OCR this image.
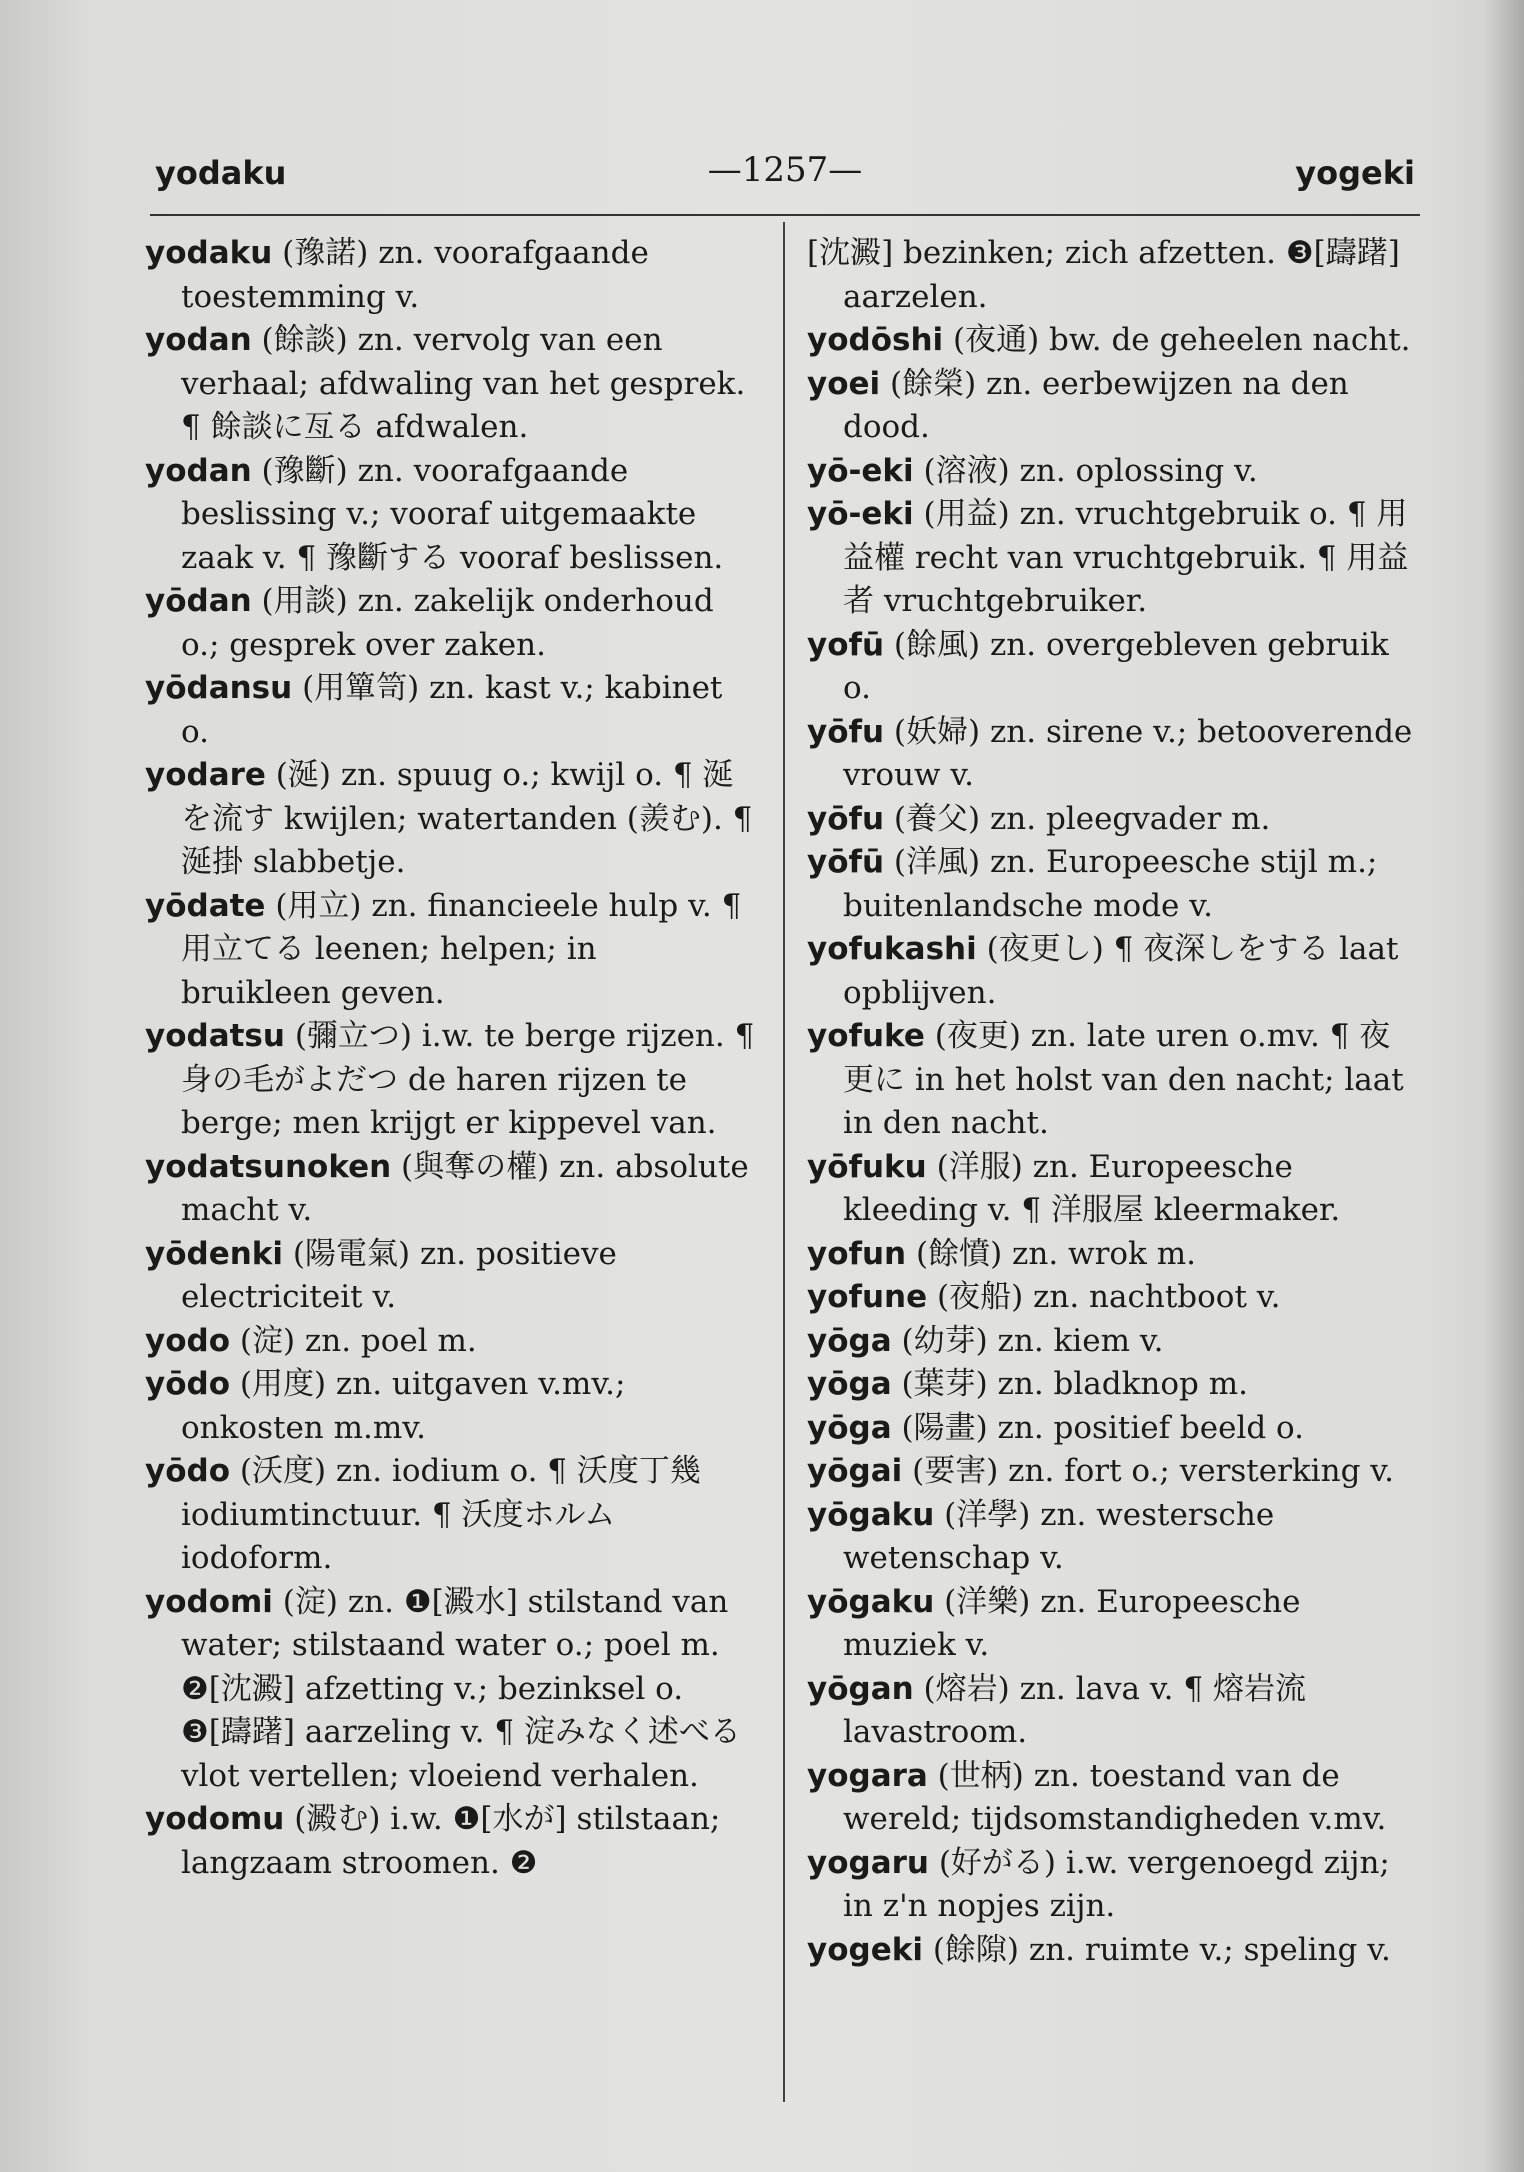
yodaku	—1257—	yogeki

yodaku (豫諾) zn. voorafgaande toestemming v.

yodan (餘談) zn. vervolg van een verhaal; afdwaling van het gesprek. ¶ 餘談に亙る afdwalen.

yodan (豫斷) zn. voorafgaande beslissing v.; vooraf uitgemaakte zaak v. ¶ 豫斷する vooraf beslissen.

yōdan (用談) zn. zakelijk onderhoud o.; gesprek over zaken.

yōdansu (用簞笥) zn. kast v.; kabinet o.

yodare (涎) zn. spuug o.; kwijl o. ¶ 涎を流す kwijlen; watertanden (羨む). ¶ 涎掛 slabbetje.

yōdate (用立) zn. financieele hulp v. ¶用立てる leenen; helpen; in bruikleen geven.

yodatsu (彌立つ) i.w. te berge rijzen. ¶ 身の毛がよだつ de haren rijzen te berge; men krijgt er kippevel van.

yodatsunoken (與奪の權) zn. absolute macht v.

yōdenki (陽電氣) zn. positieve electriciteit v.

yodo (淀) zn. poel m.

yōdo (用度) zn. uitgaven v.mv.; onkosten m.mv.

yōdo (沃度) zn. iodium o. ¶ 沃度丁幾 iodiumtinctuur. ¶ 沃度ホルム iodoform.

yodomi (淀) zn. ❶[澱水] stilstand van water; stilstaand water o.; poel m. ❷[沈澱] afzetting v.; bezinksel o. ❸[躊躇] aarzeling v. ¶ 淀みなく述べる vlot vertellen; vloeiend verhalen.

yodomu (澱む) i.w. ❶[水が] stilstaan; langzaam stroomen. ❷

[沈澱] bezinken; zich afzetten. ❸[躊躇] aarzelen.

yodōshi (夜通) bw. de geheelen nacht.

yoei (餘榮) zn. eerbewijzen na den dood.

yō-eki (溶液) zn. oplossing v.

yō-eki (用益) zn. vruchtgebruik o. ¶ 用益權 recht van vruchtgebruik. ¶ 用益者 vruchtgebruiker.

yofū (餘風) zn. overgebleven gebruik o.

yōfu (妖婦) zn. sirene v.; betooverende vrouw v.

yōfu (養父) zn. pleegvader m.

yōfū (洋風) zn. Europeesche stijl m.; buitenlandsche mode v.

yofukashi (夜更し) ¶ 夜深しをする laat opblijven.

yofuke (夜更) zn. late uren o.mv. ¶ 夜更に in het holst van den nacht; laat in den nacht.

yōfuku (洋服) zn. Europeesche kleeding v. ¶ 洋服屋 kleermaker.

yofun (餘憤) zn. wrok m.

yofune (夜船) zn. nachtboot v.

yōga (幼芽) zn. kiem v.

yōga (葉芽) zn. bladknop m.

yōga (陽畫) zn. positief beeld o.

yōgai (要害) zn. fort o.; versterking v.

yōgaku (洋學) zn. westersche wetenschap v.

yōgaku (洋樂) zn. Europeesche muziek v.

yōgan (熔岩) zn. lava v. ¶ 熔岩流 lavastroom.

yogara (世柄) zn. toestand van de wereld; tijdsomstandigheden v.mv.

yogaru (好がる) i.w. vergenoegd zijn; in z'n nopjes zijn.

yogeki (餘隙) zn. ruimte v.; speling v.
